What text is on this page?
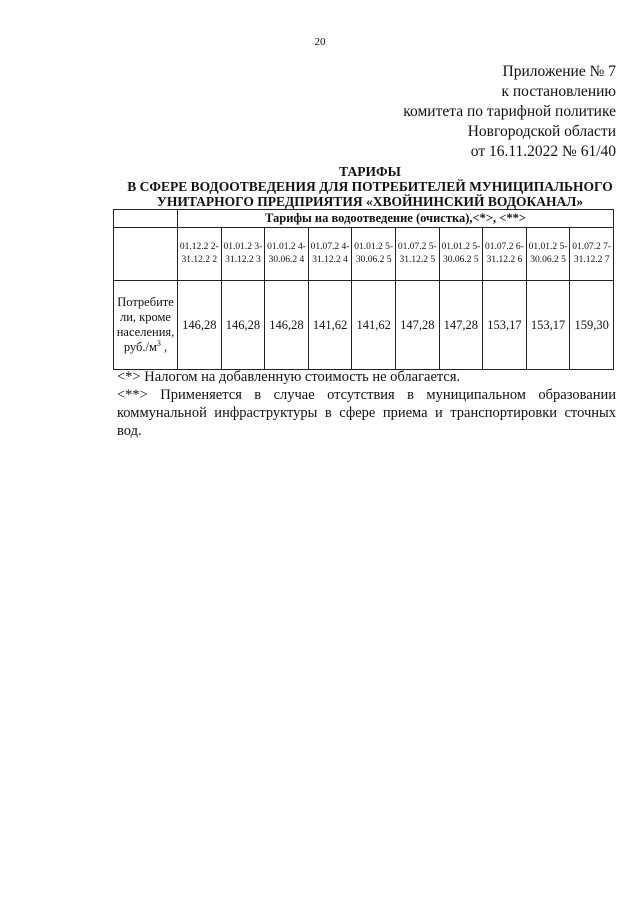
20
Приложение № 7
к постановлению
комитета по тарифной политике
Новгородской области
от 16.11.2022 № 61/40
ТАРИФЫ
В СФЕРЕ ВОДООТВЕДЕНИЯ ДЛЯ ПОТРЕБИТЕЛЕЙ МУНИЦИПАЛЬНОГО
УНИТАРНОГО ПРЕДПРИЯТИЯ «ХВОЙНИНСКИЙ ВОДОКАНАЛ»
	Тарифы на водоотведение (очистка),<*>, <**>									
	01.12.2 2- 31.12.2 2	01.01.2 3- 31.12.2 3	01.01.2 4- 30.06.2 4	01.07.2 4- 31.12.2 4	01.01.2 5- 30.06.2 5	01.07.2 5- 31.12.2 5	01.01.2 5- 30.06.2 5	01.07.2 6- 31.12.2 6	01.01.2 5- 30.06.2 5	01.07.2 7- 31.12.2 7
Потребите ли, кроме населения, $руб./м^3$ ,	146,28	146,28	146,28	141,62	141,62	147,28	147,28	153,17	153,17	159,30
<*> Налогом на добавленную стоимость не облагается.
<**> Применяется в случае отсутствия в муниципальном образовании коммунальной инфраструктуры в сфере приема и транспортировки сточных вод.
